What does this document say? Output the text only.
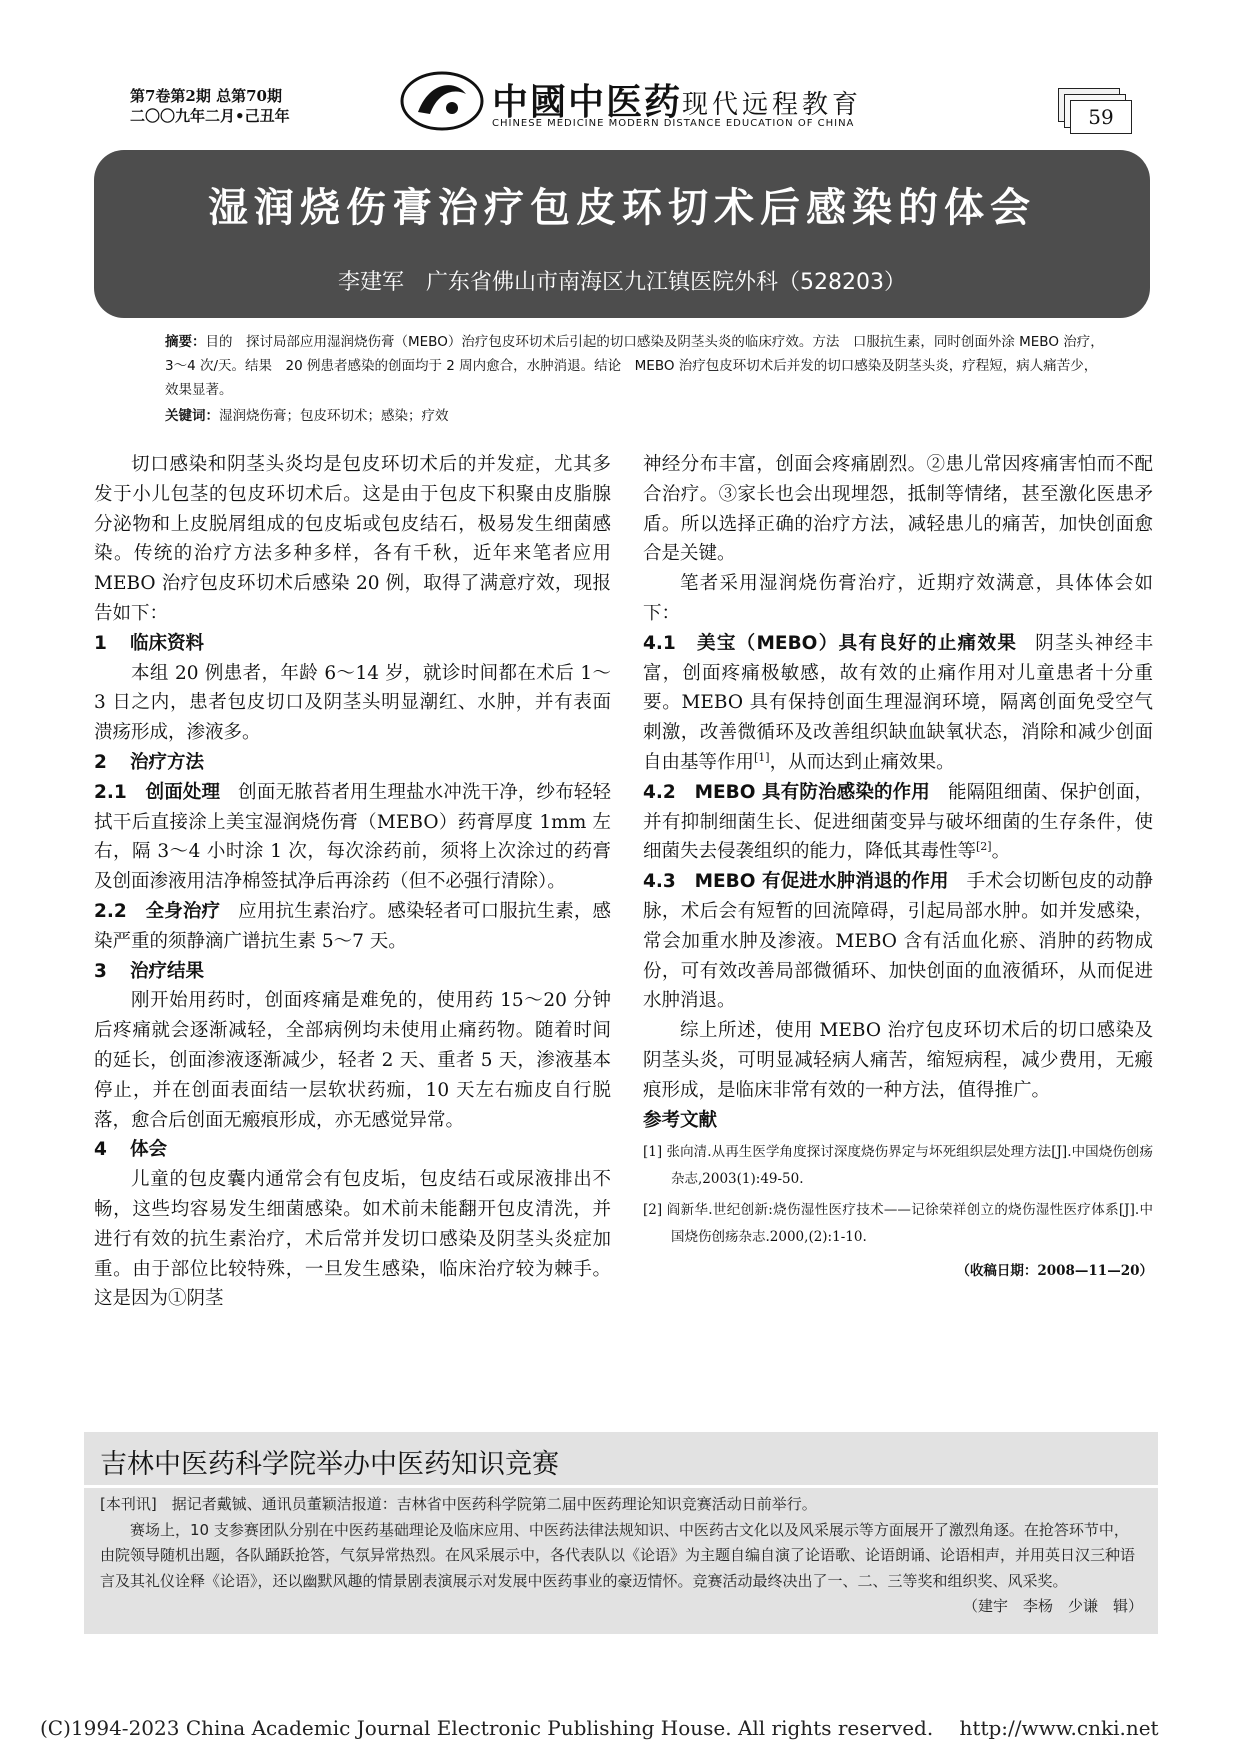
第7卷第2期 总第70期
二〇〇九年二月•己丑年	中國中医药 现代远程教育
CHINESE MEDICINE MODERN DISTANCE EDUCATION OF CHINA	59
湿润烧伤膏治疗包皮环切术后感染的体会
李建军　广东省佛山市南海区九江镇医院外科（528203）
摘要：目的　探讨局部应用湿润烧伤膏（MEBO）治疗包皮环切术后引起的切口感染及阴茎头炎的临床疗效。方法　口服抗生素，同时创面外涂 MEBO 治疗，3～4 次/天。结果　20 例患者感染的创面均于 2 周内愈合，水肿消退。结论　MEBO 治疗包皮环切术后并发的切口感染及阴茎头炎，疗程短，病人痛苦少，效果显著。
关键词：湿润烧伤膏；包皮环切术；感染；疗效

切口感染和阴茎头炎均是包皮环切术后的并发症，尤其多发于小儿包茎的包皮环切术后。这是由于包皮下积聚由皮脂腺分泌物和上皮脱屑组成的包皮垢或包皮结石，极易发生细菌感染。传统的治疗方法多种多样，各有千秋，近年来笔者应用 MEBO 治疗包皮环切术后感染 20 例，取得了满意疗效，现报告如下：

1 临床资料

本组 20 例患者，年龄 6～14 岁，就诊时间都在术后 1～3 日之内，患者包皮切口及阴茎头明显潮红、水肿，并有表面溃疡形成，渗液多。

2 治疗方法

2.1　创面处理 创面无脓苔者用生理盐水冲洗干净，纱布轻轻拭干后直接涂上美宝湿润烧伤膏（MEBO）药膏厚度 1mm 左右，隔 3～4 小时涂 1 次，每次涂药前，须将上次涂过的药膏及创面渗液用洁净棉签拭净后再涂药（但不必强行清除）。

2.2　全身治疗 应用抗生素治疗。感染轻者可口服抗生素，感染严重的须静滴广谱抗生素 5～7 天。

3 治疗结果

刚开始用药时，创面疼痛是难免的，使用药 15～20 分钟后疼痛就会逐渐减轻，全部病例均未使用止痛药物。随着时间的延长，创面渗液逐渐减少，轻者 2 天、重者 5 天，渗液基本停止，并在创面表面结一层软状药痂，10 天左右痂皮自行脱落，愈合后创面无瘢痕形成，亦无感觉异常。

4 体会

儿童的包皮囊内通常会有包皮垢，包皮结石或尿液排出不畅，这些均容易发生细菌感染。如术前未能翻开包皮清洗，并进行有效的抗生素治疗，术后常并发切口感染及阴茎头炎症加重。由于部位比较特殊，一旦发生感染，临床治疗较为棘手。这是因为①阴茎

神经分布丰富，创面会疼痛剧烈。②患儿常因疼痛害怕而不配合治疗。③家长也会出现埋怨，抵制等情绪，甚至激化医患矛盾。所以选择正确的治疗方法，减轻患儿的痛苦，加快创面愈合是关键。

笔者采用湿润烧伤膏治疗，近期疗效满意，具体体会如下：

4.1　美宝（MEBO）具有良好的止痛效果 阴茎头神经丰富，创面疼痛极敏感，故有效的止痛作用对儿童患者十分重要。MEBO 具有保持创面生理湿润环境，隔离创面免受空气刺激，改善微循环及改善组织缺血缺氧状态，消除和减少创面自由基等作用[1]，从而达到止痛效果。

4.2　MEBO 具有防治感染的作用 能隔阻细菌、保护创面，并有抑制细菌生长、促进细菌变异与破坏细菌的生存条件，使细菌失去侵袭组织的能力，降低其毒性等[2]。

4.3　MEBO 有促进水肿消退的作用 手术会切断包皮的动静脉，术后会有短暂的回流障碍，引起局部水肿。如并发感染，常会加重水肿及渗液。MEBO 含有活血化瘀、消肿的药物成份，可有效改善局部微循环、加快创面的血液循环，从而促进水肿消退。

综上所述，使用 MEBO 治疗包皮环切术后的切口感染及阴茎头炎，可明显减轻病人痛苦，缩短病程，减少费用，无瘢痕形成，是临床非常有效的一种方法，值得推广。

参考文献

[1] 张向清.从再生医学角度探讨深度烧伤界定与坏死组织层处理方法[J].中国烧伤创疡杂志,2003(1):49-50.

[2] 阎新华.世纪创新:烧伤湿性医疗技术——记徐荣祥创立的烧伤湿性医疗体系[J].中国烧伤创疡杂志.2000,(2):1-10.

（收稿日期：2008—11—20）

吉林中医药科学院举办中医药知识竞赛

[本刊讯]　据记者戴铖、通讯员董颖洁报道：吉林省中医药科学院第二届中医药理论知识竞赛活动日前举行。

赛场上，10 支参赛团队分别在中医药基础理论及临床应用、中医药法律法规知识、中医药古文化以及风采展示等方面展开了激烈角逐。在抢答环节中，由院领导随机出题，各队踊跃抢答，气氛异常热烈。在风采展示中，各代表队以《论语》为主题自编自演了论语歌、论语朗诵、论语相声，并用英日汉三种语言及其礼仪诠释《论语》，还以幽默风趣的情景剧表演展示对发展中医药事业的豪迈情怀。竞赛活动最终决出了一、二、三等奖和组织奖、风采奖。

（建宇　李杨　少谦　辑）
(C)1994-2023 China Academic Journal Electronic Publishing House. All rights reserved.　 http://www.cnki.net
